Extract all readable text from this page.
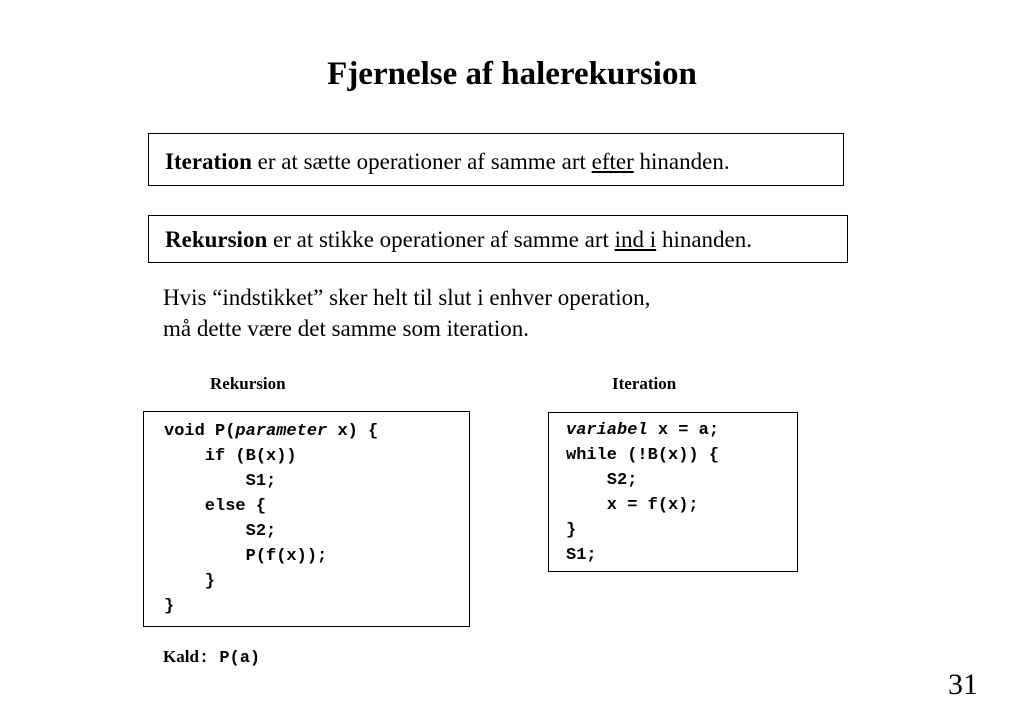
Fjernelse af halerekursion
Iteration er at sætte operationer af samme art efter hinanden.
Rekursion er at stikke operationer af samme art ind i hinanden.
Hvis “indstikket” sker helt til slut i enhver operation,
må dette være det samme som iteration.
Rekursion	Iteration
void P(parameter x) {
if (B(x))
S1;
else {
S2;
P(f(x));
}
}
variabel x = a;
while (!B(x)) {
S2;
x = f(x);
}
S1;
Kald: P(a)
31
